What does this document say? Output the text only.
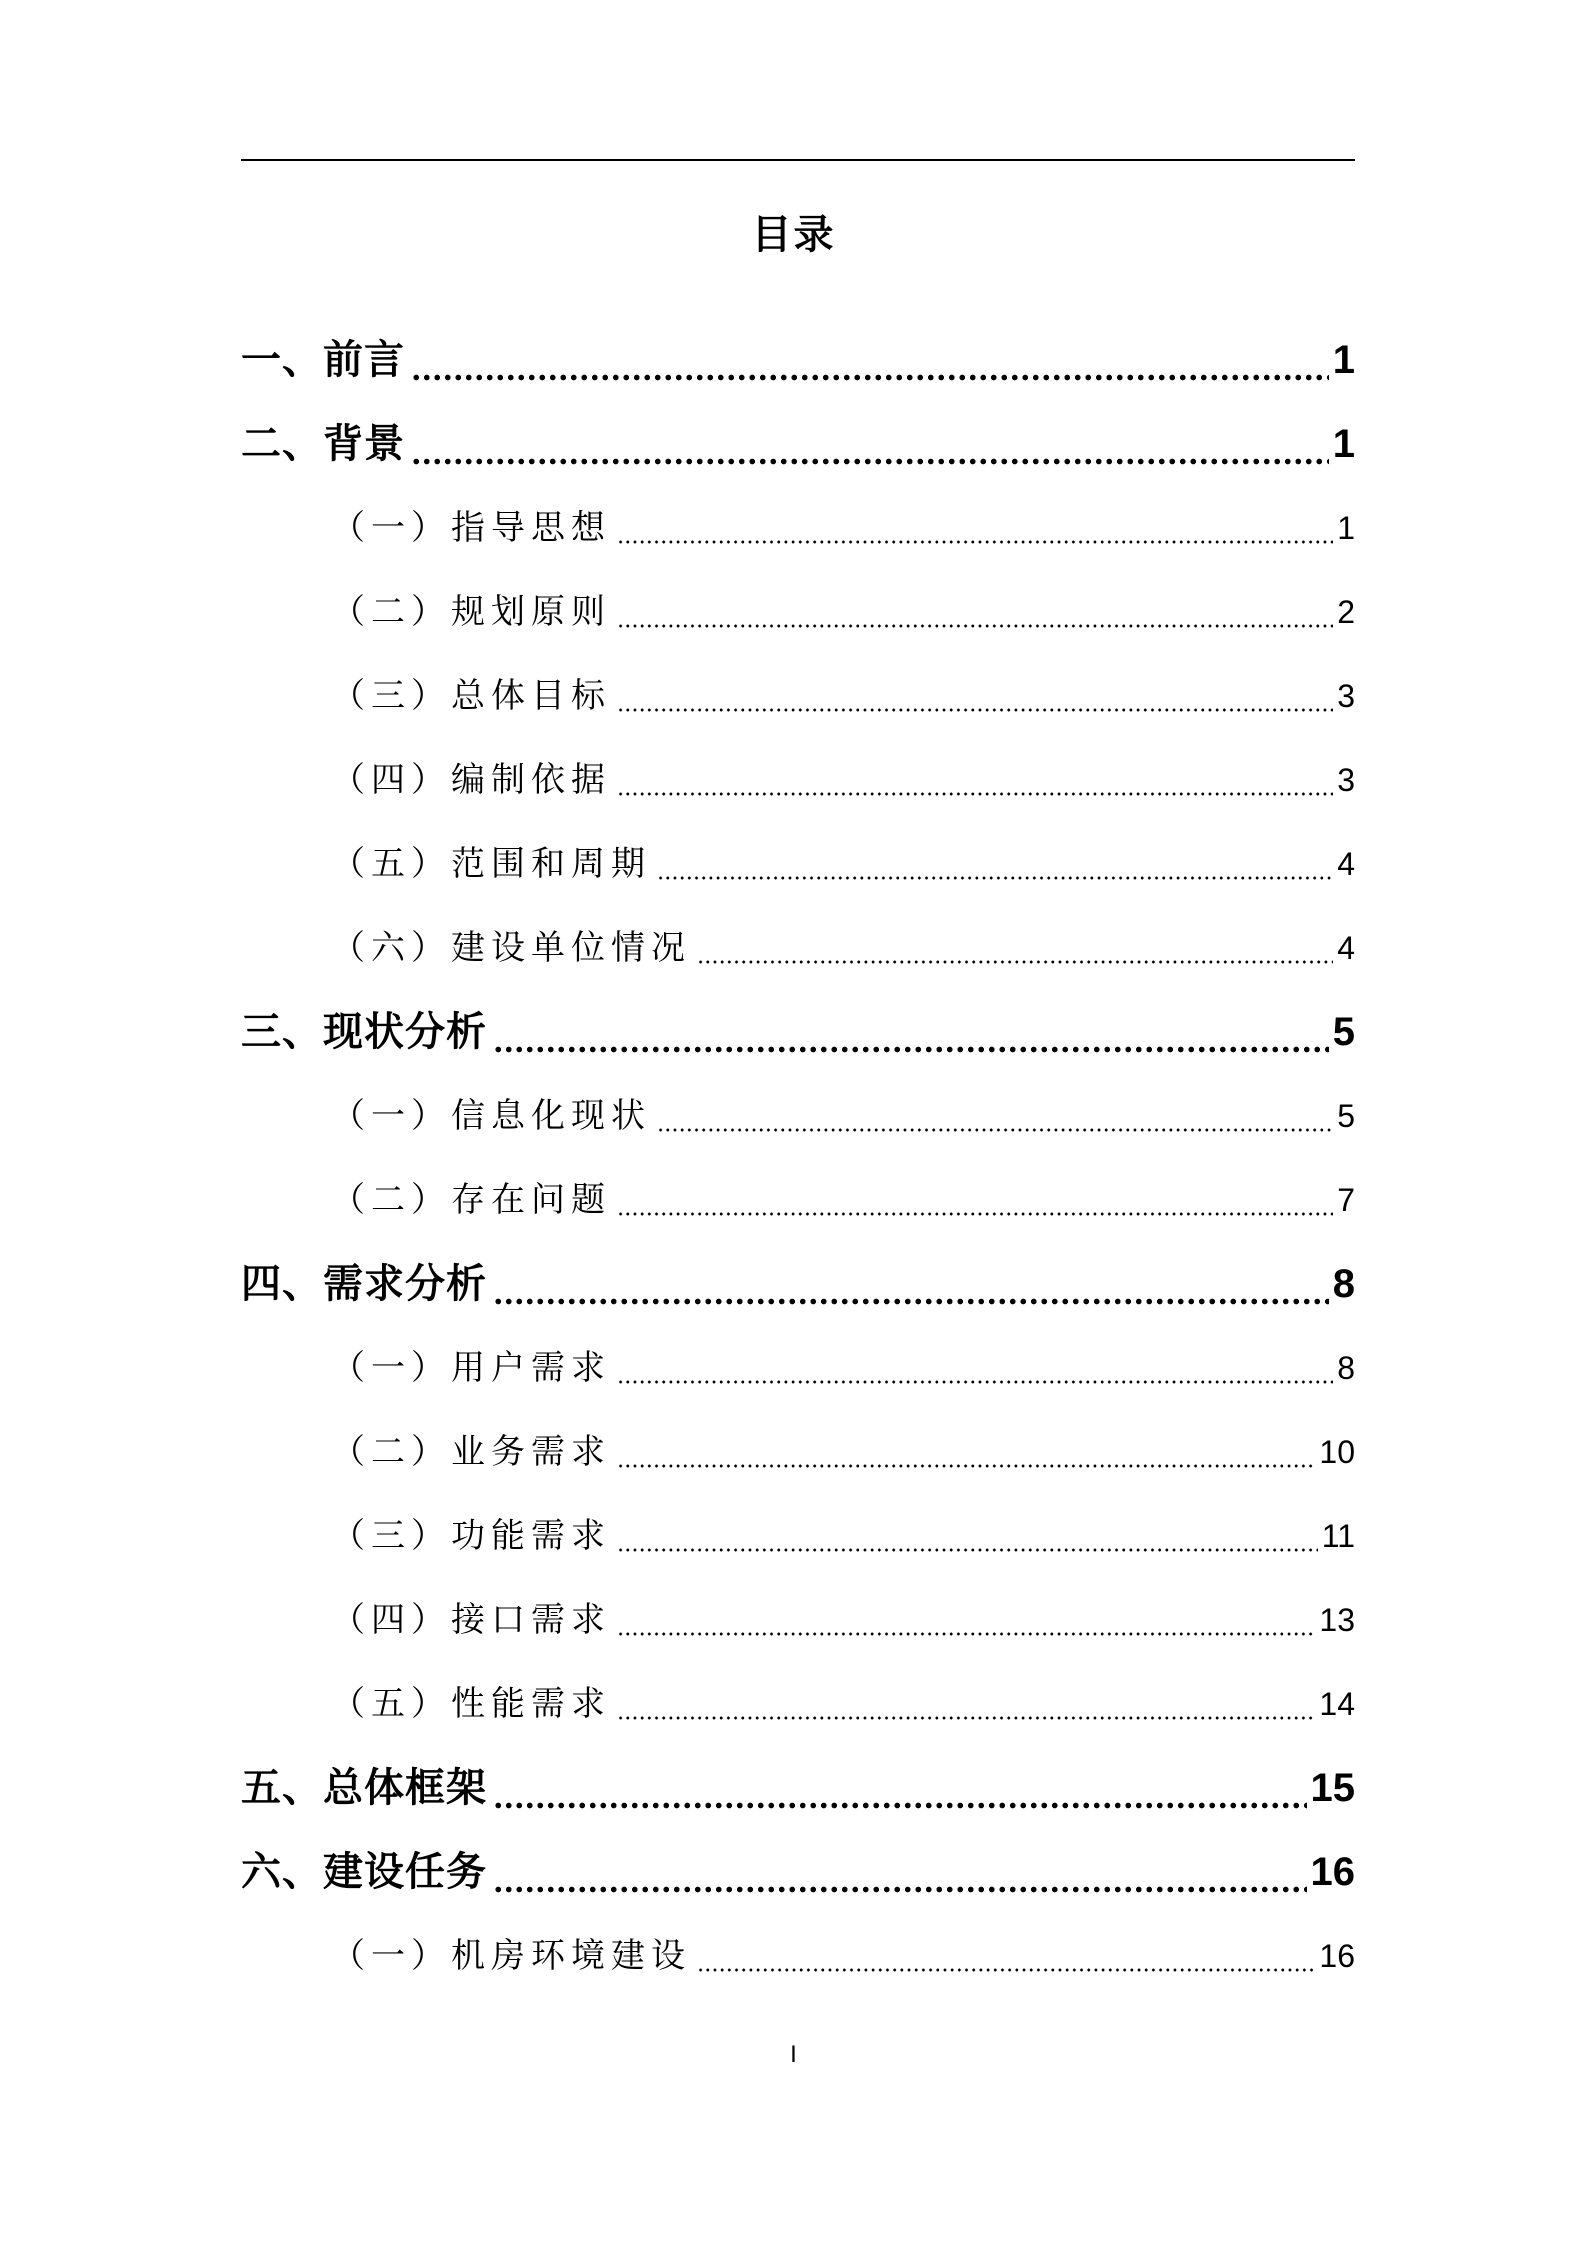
目录
一、前言	1
二、背景	1
（一）指导思想	1
（二）规划原则	2
（三）总体目标	3
（四）编制依据	3
（五）范围和周期	4
（六）建设单位情况	4
三、现状分析	5
（一）信息化现状	5
（二）存在问题	7
四、需求分析	8
（一）用户需求	8
（二）业务需求	10
（三）功能需求	11
（四）接口需求	13
（五）性能需求	14
五、总体框架	15
六、建设任务	16
（一）机房环境建设	16
I
